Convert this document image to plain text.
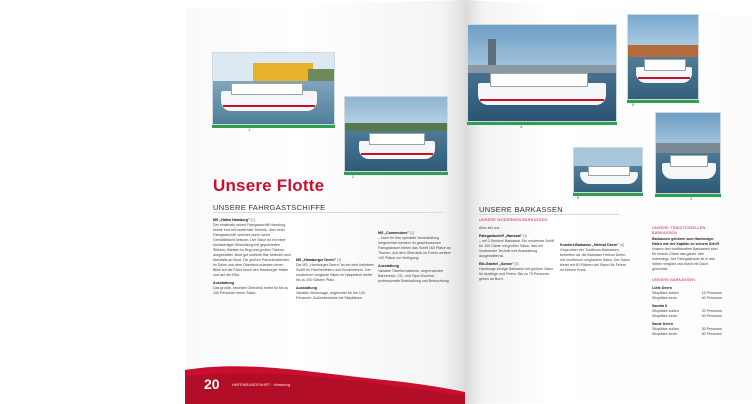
1
2
Unsere Flotte
UNSERE FAHRGASTSCHIFFE
MS „Hafen Hamburg" [1]
Der einstmals neuen Fahrgastschiff Hamburg wurde erst mit modernste Technik, über einer Fahrgastschiff, welches durch seine Gemütlichkeit bestoch. Der Salon ist mit einer hochwertigen Bestuhlung mit gepolsterten Stühlen, Bänken im Bug und großen Tischen ausgestattet. Bord gut sortierte Bar befinden sich ebenfalls an Bord. Die großen Panoramafenster im Salon und dem Oberdeck erlauben einen Blick auf die Fahrt durch den Hamburger Hafen und auf der Elbe.
Ausstattung
Das großte, besetzte Oberdeck bietet für bis zu 150 Personen einen Salon.
MS „Hamburger Deern" [3]
Die MS „Hamburger Deern" ist ein sehr beliebtes Schiff für Familienfeiern und Kundenfeiern. Der rundherum verglaste Salon im Hauptdeck bietet bis zu 200 Gästen Platz.
Ausstattung
Variable Vereinsage, angrenzter für bis 120 Personen. Außenbereiche mit Sitzplätzen.
MS „Commodore" [2]
– kann für Ihre spezielle Veranstaltung hergerichtet werden! Im geschlossenen Fahrgastraum bieten das Schiff 160 Plätze an Tischen. Auf dem Oberdeck im Freien weitere 140 Plätze zur Verfügung.
Ausstattung
Variable Tischformationen, angrenzender Barbereich, CD- und Tape-Doorlink, professionelle Beschallung und Beleuchtung.
20	HAFENRUNDFAHRT · Hamburg
4
5
6	3
UNSERE BARKASSEN
UNSERE MODERNEN BARKASSEN
Alles bei uns
Fahrgastschiff „Hanseat" [4]
– mit 3 Decken! Barkasse. Ein modernes Schiff für 100 Gäste mit großen Salon, das mit modernster Technik und Ausstattung ausgestattet ist.
Elb-Gabriel „Sonne" [5]
Hamburgs einzige Barkasse mit großem Salon für Ausflüge und Feiern. Bis zu 75 Personen gehen an Bord.
Komfort-Barkasse „Helmut Deern" [6]
Gegenüber der Traditions-Barkassen betrieben wir die Barkasse Helmut Deern mit rundherum verglastem Salon. Der Salon bietet mit 60 Plätzen viel Raum für Feiern im kleinen Kreis.
UNSERE TRADITIONELLEN BARKASSEN
Barkassen gehören zum Hamburger Hafen wie der Kapitän zu seinem Schiff
Unsere drei traditionellen Barkassen sind für unsere Gäste das ganze Jahr unterwegs. Der Fahrgastraum ist in den Seiten verglast und durch ein Dach geschützt.
UNSERE BARKASSEN
Lütte Deern
Sitzplätze außen	15 Personen
Sitzplätze innen	40 Personen
Sandra II
Sitzplätze außen	20 Personen
Sitzplätze innen	40 Personen
Saute Deern
Sitzplätze außen	30 Personen
Sitzplätze innen	60 Personen
